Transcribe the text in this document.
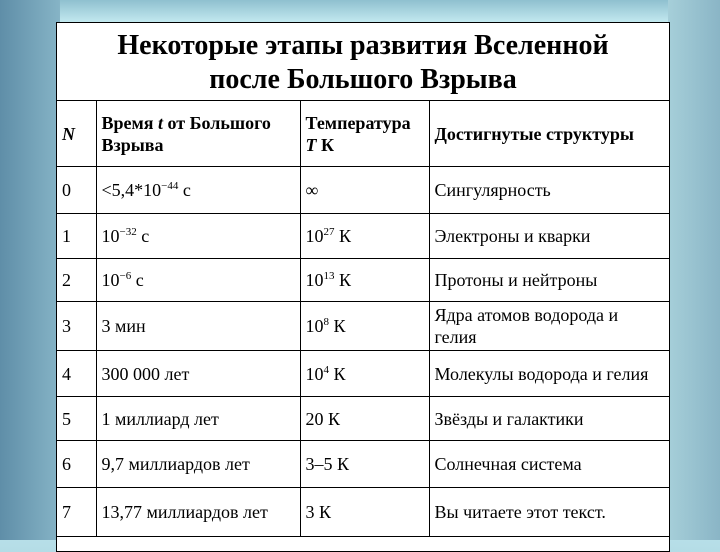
Некоторые этапы развития Вселенной
после Большого Взрыва
N	Время t от Большого Взрыва	Температура T К	Достигнутые структуры
0	$<5,4*10^{-44}$ с	∞	Сингулярность
1	$10^{-32}$ с	$10^{27}$ К	Электроны и кварки
2	$10^{-6}$ с	$10^{13}$ К	Протоны и нейтроны
3	3 мин	$10^8$ К	Ядра атомов водорода и гелия
4	300 000 лет	$10^4$ К	Молекулы водорода и гелия
5	1 миллиард лет	20 К	Звёзды и галактики
6	9,7 миллиардов лет	3–5 К	Солнечная система
7	13,77 миллиардов лет	3 К	Вы читаете этот текст.
